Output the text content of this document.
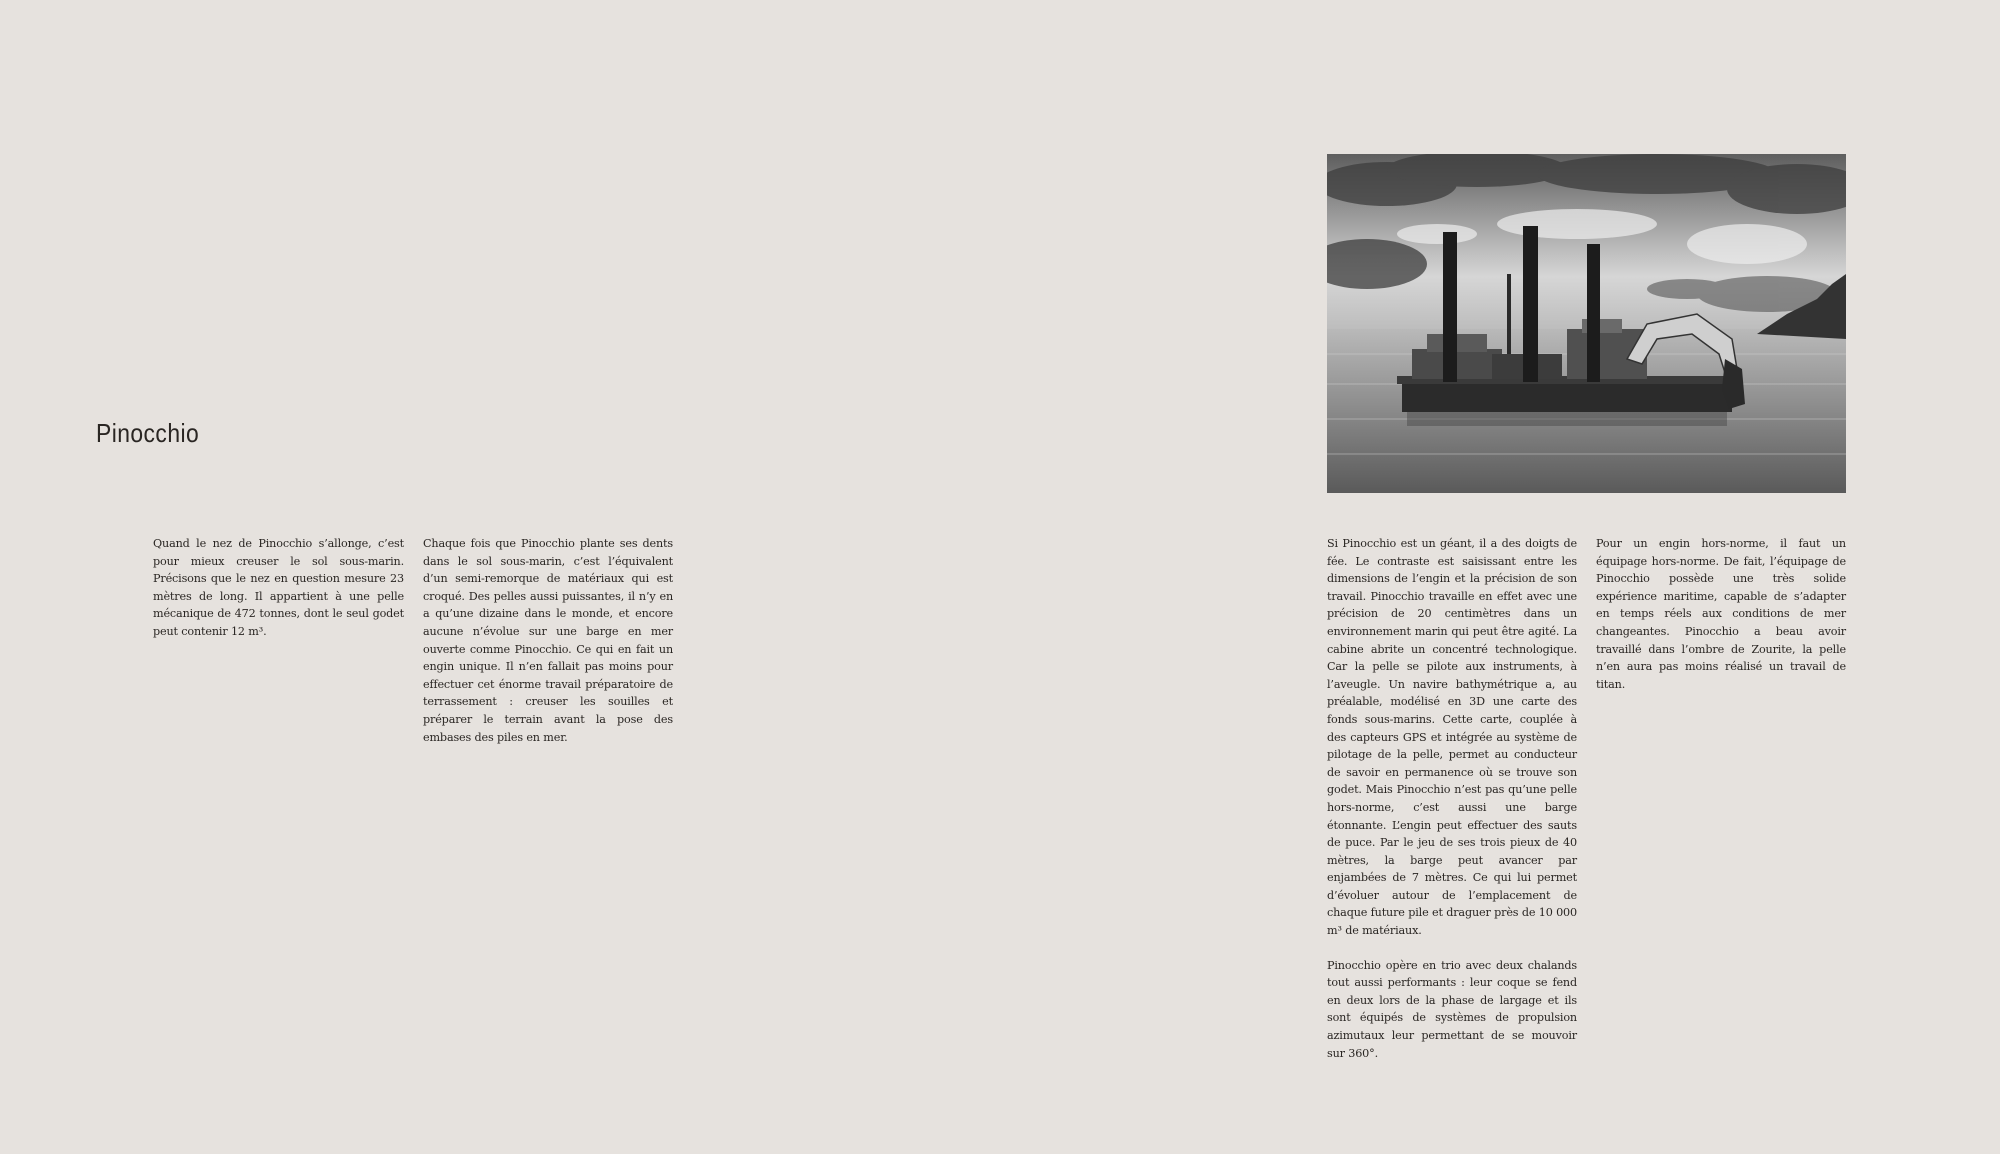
Pinocchio

Quand le nez de Pinocchio s’allonge, c’est pour mieux creuser le sol sous-marin. Précisons que le nez en question mesure 23 mètres de long. Il appartient à une pelle mécanique de 472 tonnes, dont le seul godet peut contenir 12 m³.

Chaque fois que Pinocchio plante ses dents dans le sol sous-marin, c’est l’équivalent d’un semi-remorque de matériaux qui est croqué. Des pelles aussi puissantes, il n’y en a qu’une dizaine dans le monde, et encore aucune n’évolue sur une barge en mer ouverte comme Pinocchio. Ce qui en fait un engin unique. Il n’en fallait pas moins pour effectuer cet énorme travail préparatoire de terrassement : creuser les souilles et préparer le terrain avant la pose des embases des piles en mer.

Si Pinocchio est un géant, il a des doigts de fée. Le contraste est saisissant entre les dimensions de l’engin et la précision de son travail. Pinocchio travaille en effet avec une précision de 20 centimètres dans un environnement marin qui peut être agité. La cabine abrite un concentré technologique. Car la pelle se pilote aux instruments, à l’aveugle. Un navire bathymétrique a, au préalable, modélisé en 3D une carte des fonds sous-marins. Cette carte, couplée à des capteurs GPS et intégrée au système de pilotage de la pelle, permet au conducteur de savoir en permanence où se trouve son godet. Mais Pinocchio n’est pas qu’une pelle hors-norme, c’est aussi une barge étonnante. L’engin peut effectuer des sauts de puce. Par le jeu de ses trois pieux de 40 mètres, la barge peut avancer par enjambées de 7 mètres. Ce qui lui permet d’évoluer autour de l’emplacement de chaque future pile et draguer près de 10 000 m³ de matériaux.

Pinocchio opère en trio avec deux chalands tout aussi performants : leur coque se fend en deux lors de la phase de largage et ils sont équipés de systèmes de propulsion azimutaux leur permettant de se mouvoir sur 360°.

Pour un engin hors-norme, il faut un équipage hors-norme. De fait, l’équipage de Pinocchio possède une très solide expérience maritime, capable de s’adapter en temps réels aux conditions de mer changeantes. Pinocchio a beau avoir travaillé dans l’ombre de Zourite, la pelle n’en aura pas moins réalisé un travail de titan.
